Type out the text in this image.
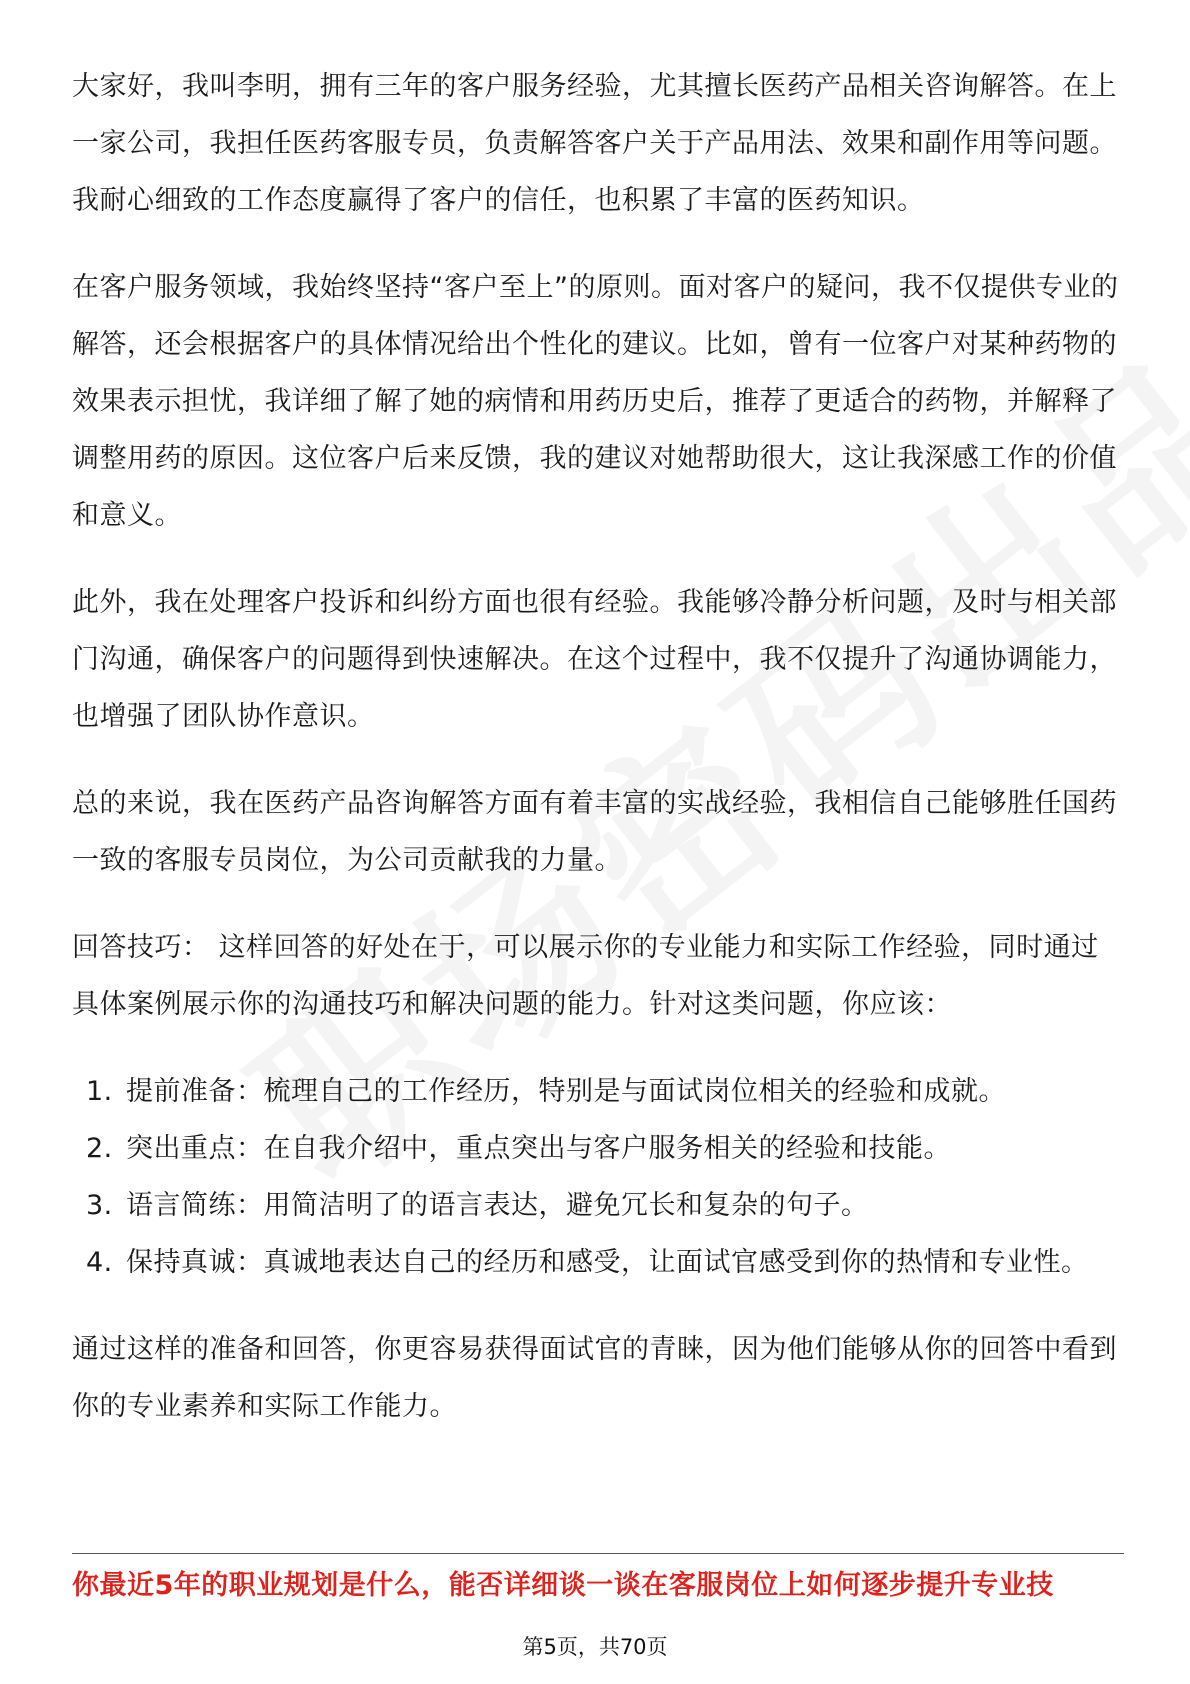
大家好，我叫李明，拥有三年的客户服务经验，尤其擅长医药产品相关咨询解答。在上一家公司，我担任医药客服专员，负责解答客户关于产品用法、效果和副作用等问题。我耐心细致的工作态度赢得了客户的信任，也积累了丰富的医药知识。

在客户服务领域，我始终坚持“客户至上”的原则。面对客户的疑问，我不仅提供专业的解答，还会根据客户的具体情况给出个性化的建议。比如，曾有一位客户对某种药物的效果表示担忧，我详细了解了她的病情和用药历史后，推荐了更适合的药物，并解释了调整用药的原因。这位客户后来反馈，我的建议对她帮助很大，这让我深感工作的价值和意义。

此外，我在处理客户投诉和纠纷方面也很有经验。我能够冷静分析问题，及时与相关部门沟通，确保客户的问题得到快速解决。在这个过程中，我不仅提升了沟通协调能力，也增强了团队协作意识。

总的来说，我在医药产品咨询解答方面有着丰富的实战经验，我相信自己能够胜任国药一致的客服专员岗位，为公司贡献我的力量。

回答技巧： 这样回答的好处在于，可以展示你的专业能力和实际工作经验，同时通过具体案例展示你的沟通技巧和解决问题的能力。针对这类问题，你应该：

1. 提前准备：梳理自己的工作经历，特别是与面试岗位相关的经验和成就。
2. 突出重点：在自我介绍中，重点突出与客户服务相关的经验和技能。
3. 语言简练：用简洁明了的语言表达，避免冗长和复杂的句子。
4. 保持真诚：真诚地表达自己的经历和感受，让面试官感受到你的热情和专业性。

通过这样的准备和回答，你更容易获得面试官的青睐，因为他们能够从你的回答中看到你的专业素养和实际工作能力。

你最近5年的职业规划是什么，能否详细谈一谈在客服岗位上如何逐步提升专业技
第5页，共70页
